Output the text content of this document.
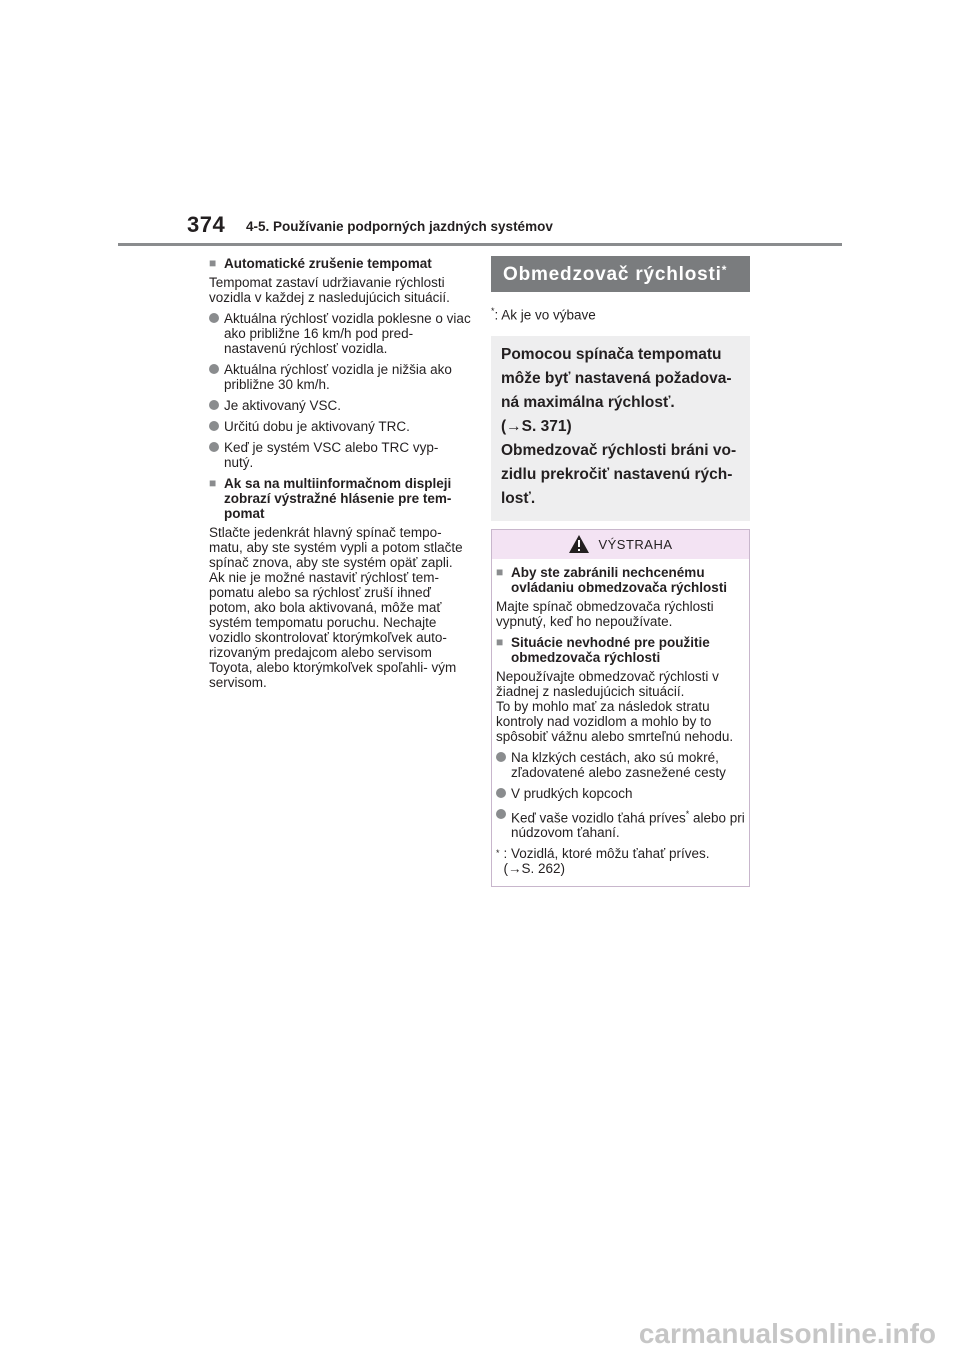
374 4-5. Používanie podporných jazdných systémov
■ Automatické zrušenie tempomat
Tempomat zastaví udržiavanie rýchlosti vozidla v každej z nasledujúcich situácií.
Aktuálna rýchlosť vozidla poklesne o viac ako približne 16 km/h pod pred- nastavenú rýchlosť vozidla.
Aktuálna rýchlosť vozidla je nižšia ako približne 30 km/h.
Je aktivovaný VSC.
Určitú dobu je aktivovaný TRC.
Keď je systém VSC alebo TRC vyp- nutý.
■ Ak sa na multiinformačnom displeji zobrazí výstražné hlásenie pre tem- pomat
Stlačte jedenkrát hlavný spínač tempo- matu, aby ste systém vypli a potom stlačte spínač znova, aby ste systém opäť zapli.
Ak nie je možné nastaviť rýchlosť tem- pomatu alebo sa rýchlosť zruší ihneď potom, ako bola aktivovaná, môže mať systém tempomatu poruchu. Nechajte vozidlo skontrolovať ktorýmkoľvek auto- rizovaným predajcom alebo servisom Toyota, alebo ktorýmkoľvek spoľahli- vým servisom.
Obmedzovač rýchlosti*
*: Ak je vo výbave
Pomocou spínača tempomatu
môže byť nastavená požadova-
ná maximálna rýchlosť.
(→S. 371)
Obmedzovač rýchlosti bráni vo-
zidlu prekročiť nastavenú rých-
losť.
VÝSTRAHA
■ Aby ste zabránili nechcenému ovládaniu obmedzovača rýchlosti
Majte spínač obmedzovača rýchlosti vypnutý, keď ho nepoužívate.
■ Situácie nevhodné pre použitie obmedzovača rýchlosti
Nepoužívajte obmedzovač rýchlosti v žiadnej z nasledujúcich situácií.
To by mohlo mať za následok stratu kontroly nad vozidlom a mohlo by to spôsobiť vážnu alebo smrteľnú nehodu.
Na klzkých cestách, ako sú mokré, zľadovatené alebo zasnežené cesty
V prudkých kopcoch
Keď vaše vozidlo ťahá príves* alebo pri núdzovom ťahaní.
* : Vozidlá, ktoré môžu ťahať príves.
(→S. 262)
carmanualsonline.info
